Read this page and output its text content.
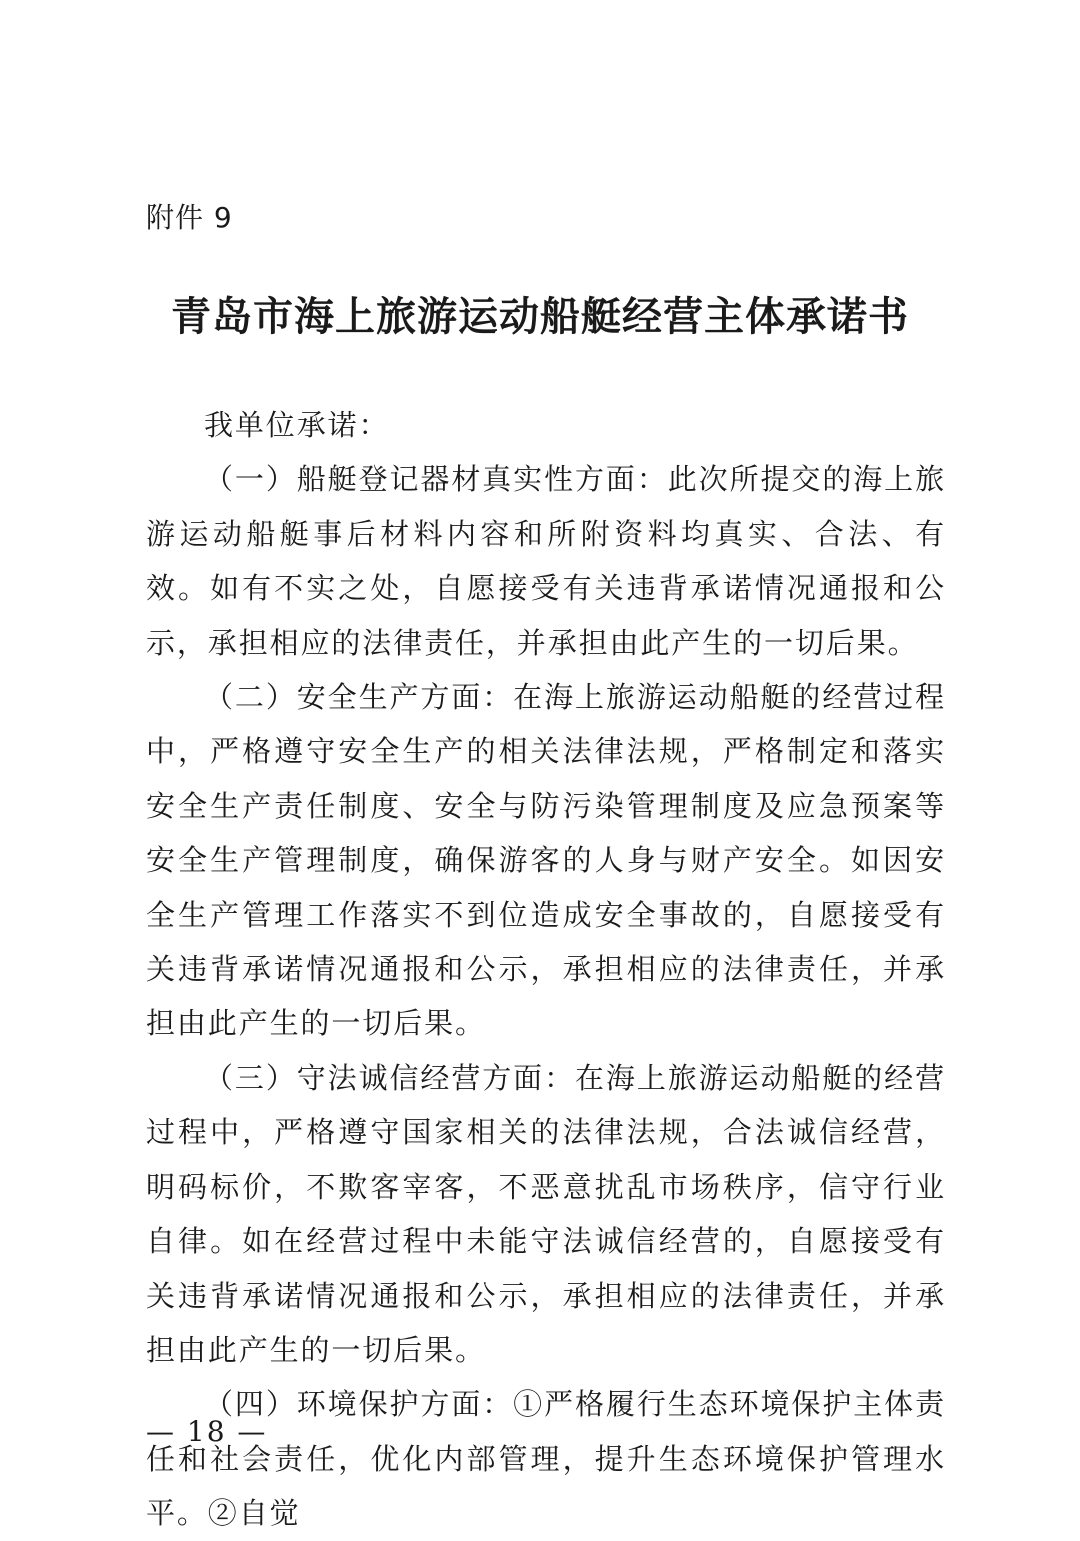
附件 9
青岛市海上旅游运动船艇经营主体承诺书

我单位承诺：

（一）船艇登记器材真实性方面：此次所提交的海上旅游运动船艇事后材料内容和所附资料均真实、合法、有效。如有不实之处，自愿接受有关违背承诺情况通报和公示，承担相应的法律责任，并承担由此产生的一切后果。

（二）安全生产方面：在海上旅游运动船艇的经营过程中，严格遵守安全生产的相关法律法规，严格制定和落实安全生产责任制度、安全与防污染管理制度及应急预案等安全生产管理制度，确保游客的人身与财产安全。如因安全生产管理工作落实不到位造成安全事故的，自愿接受有关违背承诺情况通报和公示，承担相应的法律责任，并承担由此产生的一切后果。

（三）守法诚信经营方面：在海上旅游运动船艇的经营过程中，严格遵守国家相关的法律法规，合法诚信经营，明码标价，不欺客宰客，不恶意扰乱市场秩序，信守行业自律。如在经营过程中未能守法诚信经营的，自愿接受有关违背承诺情况通报和公示，承担相应的法律责任，并承担由此产生的一切后果。

（四）环境保护方面：①严格履行生态环境保护主体责任和社会责任，优化内部管理，提升生态环境保护管理水平。②自觉

— 18 —
